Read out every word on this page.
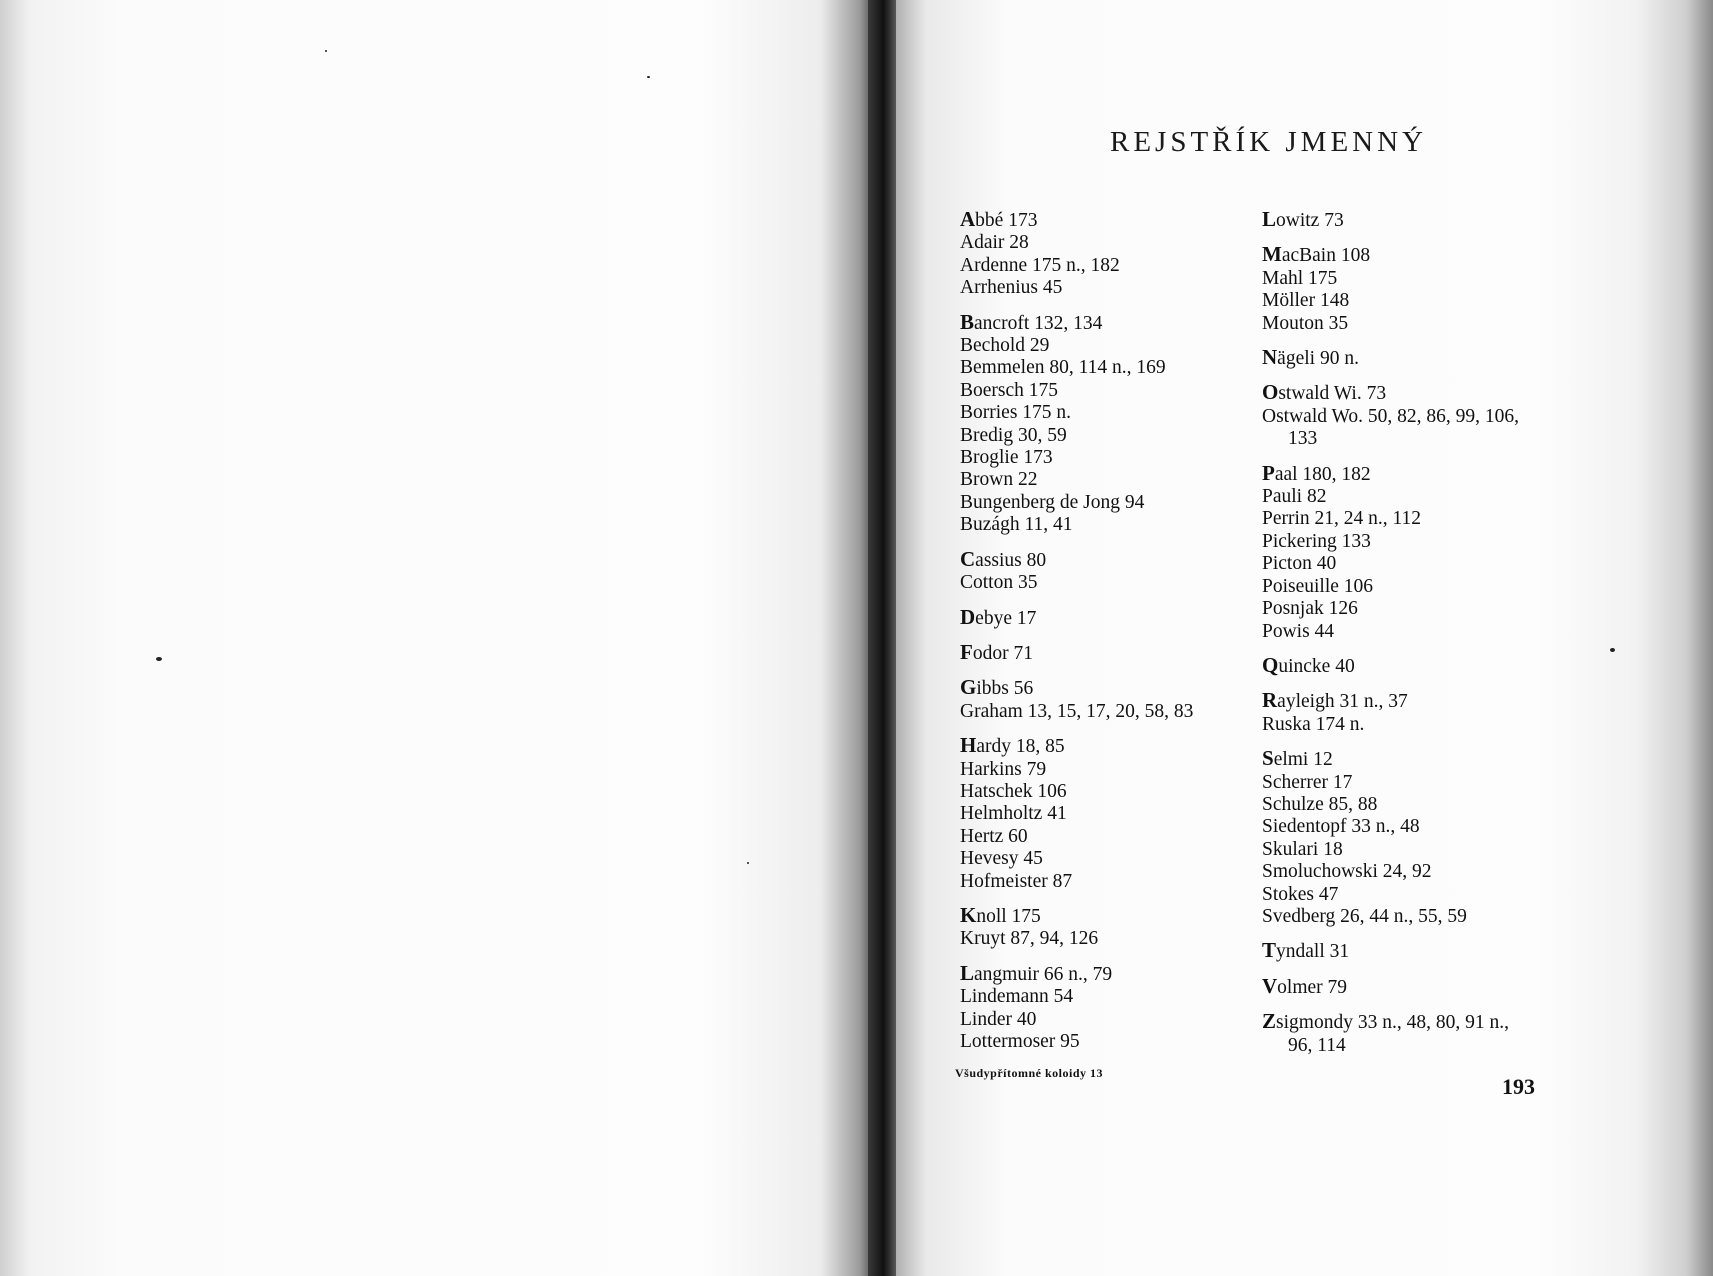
REJSTŘÍK JMENNÝ
Abbé 173
Adair 28
Ardenne 175 n., 182
Arrhenius 45
Bancroft 132, 134
Bechold 29
Bemmelen 80, 114 n., 169
Boersch 175
Borries 175 n.
Bredig 30, 59
Broglie 173
Brown 22
Bungenberg de Jong 94
Buzágh 11, 41
Cassius 80
Cotton 35
Debye 17
Fodor 71
Gibbs 56
Graham 13, 15, 17, 20, 58, 83
Hardy 18, 85
Harkins 79
Hatschek 106
Helmholtz 41
Hertz 60
Hevesy 45
Hofmeister 87
Knoll 175
Kruyt 87, 94, 126
Langmuir 66 n., 79
Lindemann 54
Linder 40
Lottermoser 95
Lowitz 73
MacBain 108
Mahl 175
Möller 148
Mouton 35
Nägeli 90 n.
Ostwald Wi. 73
Ostwald Wo. 50, 82, 86, 99, 106,
133
Paal 180, 182
Pauli 82
Perrin 21, 24 n., 112
Pickering 133
Picton 40
Poiseuille 106
Posnjak 126
Powis 44
Quincke 40
Rayleigh 31 n., 37
Ruska 174 n.
Selmi 12
Scherrer 17
Schulze 85, 88
Siedentopf 33 n., 48
Skulari 18
Smoluchowski 24, 92
Stokes 47
Svedberg 26, 44 n., 55, 59
Tyndall 31
Volmer 79
Zsigmondy 33 n., 48, 80, 91 n.,
96, 114
Všudypřítomné koloidy 13
193
